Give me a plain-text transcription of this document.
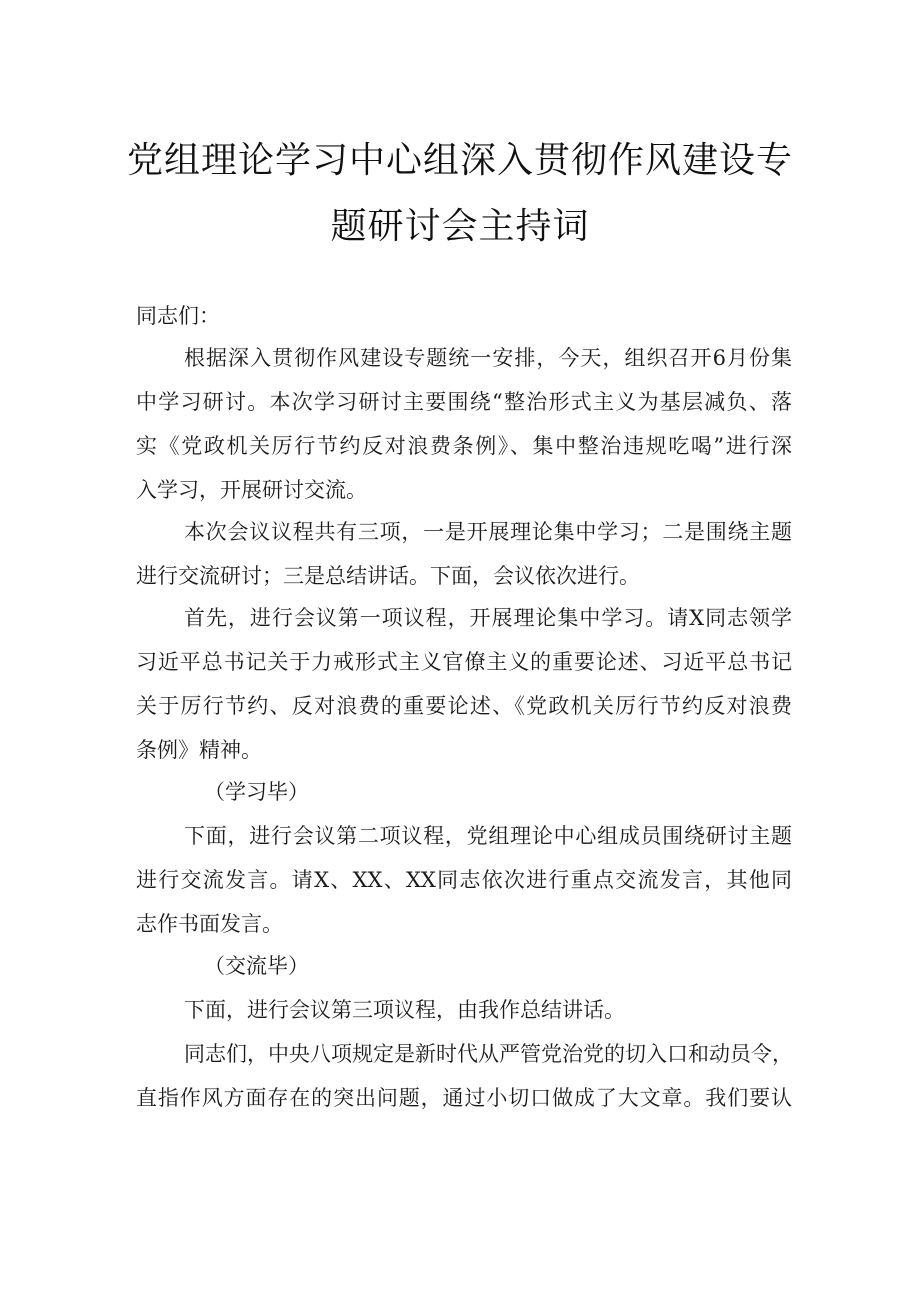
党组理论学习中心组深入贯彻作风建设专
题研讨会主持词
同志们：
根据深入贯彻作风建设专题统一安排，今天，组织召开6月份集
中学习研讨。本次学习研讨主要围绕“整治形式主义为基层减负、落
实《党政机关厉行节约反对浪费条例》、集中整治违规吃喝”进行深
入学习，开展研讨交流。
本次会议议程共有三项，一是开展理论集中学习；二是围绕主题
进行交流研讨；三是总结讲话。下面，会议依次进行。
首先，进行会议第一项议程，开展理论集中学习。请X同志领学
习近平总书记关于力戒形式主义官僚主义的重要论述、习近平总书记
关于厉行节约、反对浪费的重要论述、《党政机关厉行节约反对浪费
条例》精神。
（学习毕）
下面，进行会议第二项议程，党组理论中心组成员围绕研讨主题
进行交流发言。请X、XX、XX同志依次进行重点交流发言，其他同
志作书面发言。
（交流毕）
下面，进行会议第三项议程，由我作总结讲话。
同志们，中央八项规定是新时代从严管党治党的切入口和动员令，
直指作风方面存在的突出问题，通过小切口做成了大文章。我们要认
